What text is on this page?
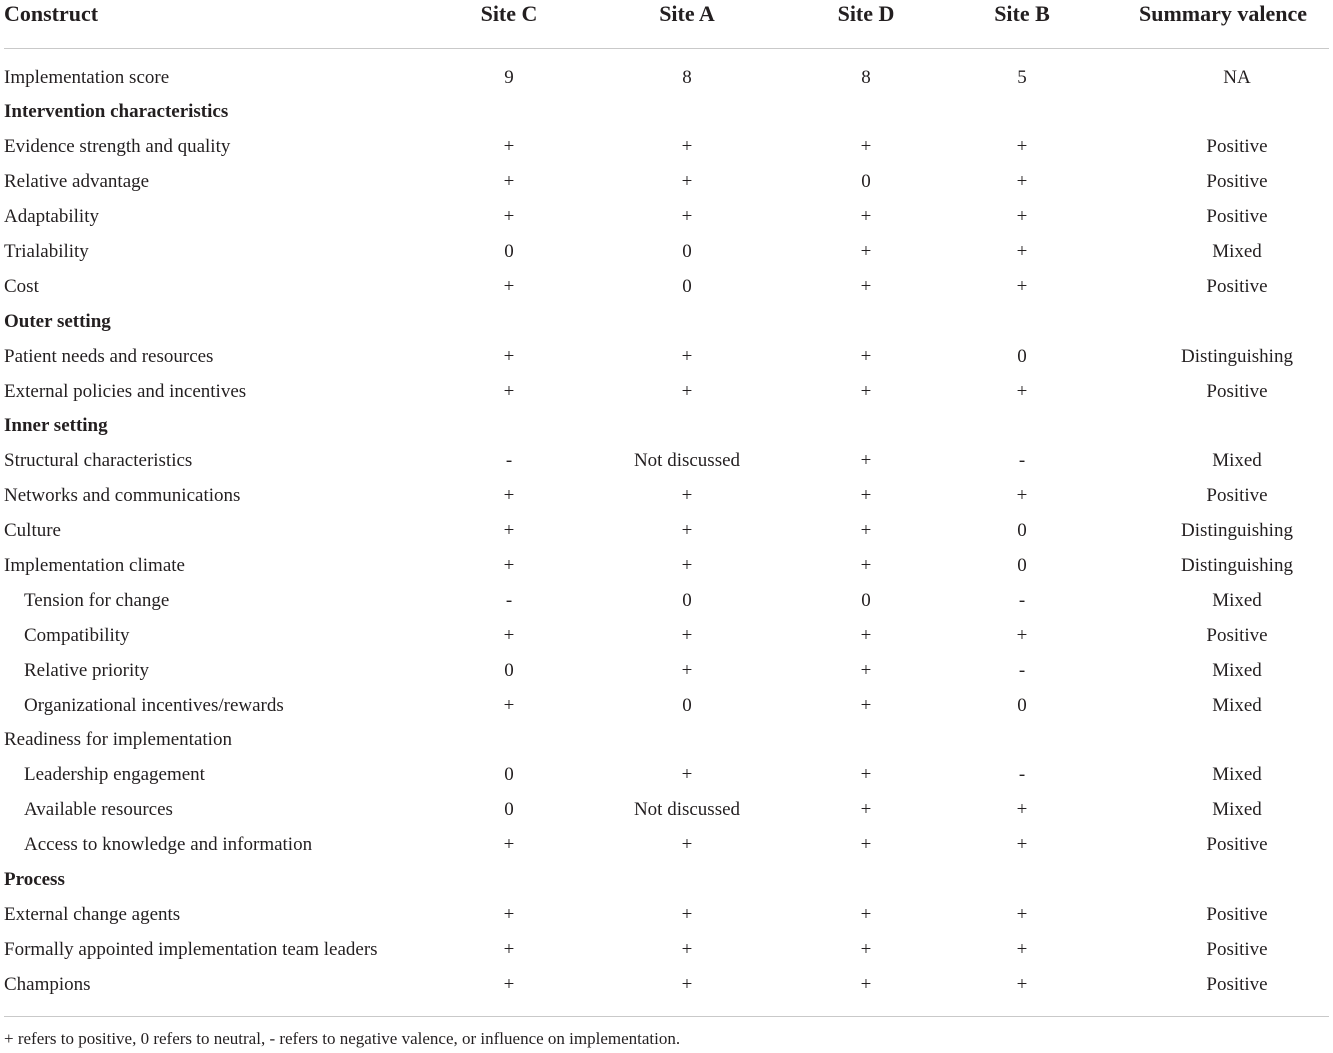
Construct	Site C	Site A	Site D	Site B	Summary valence
Implementation score	9	8	8	5	NA
Intervention characteristics
Evidence strength and quality	+	+	+	+	Positive
Relative advantage	+	+	0	+	Positive
Adaptability	+	+	+	+	Positive
Trialability	0	0	+	+	Mixed
Cost	+	0	+	+	Positive
Outer setting
Patient needs and resources	+	+	+	0	Distinguishing
External policies and incentives	+	+	+	+	Positive
Inner setting
Structural characteristics	-	Not discussed	+	-	Mixed
Networks and communications	+	+	+	+	Positive
Culture	+	+	+	0	Distinguishing
Implementation climate	+	+	+	0	Distinguishing
Tension for change	-	0	0	-	Mixed
Compatibility	+	+	+	+	Positive
Relative priority	0	+	+	-	Mixed
Organizational incentives/rewards	+	0	+	0	Mixed
Readiness for implementation
Leadership engagement	0	+	+	-	Mixed
Available resources	0	Not discussed	+	+	Mixed
Access to knowledge and information	+	+	+	+	Positive
Process
External change agents	+	+	+	+	Positive
Formally appointed implementation team leaders	+	+	+	+	Positive
Champions	+	+	+	+	Positive
+ refers to positive, 0 refers to neutral, - refers to negative valence, or influence on implementation.
